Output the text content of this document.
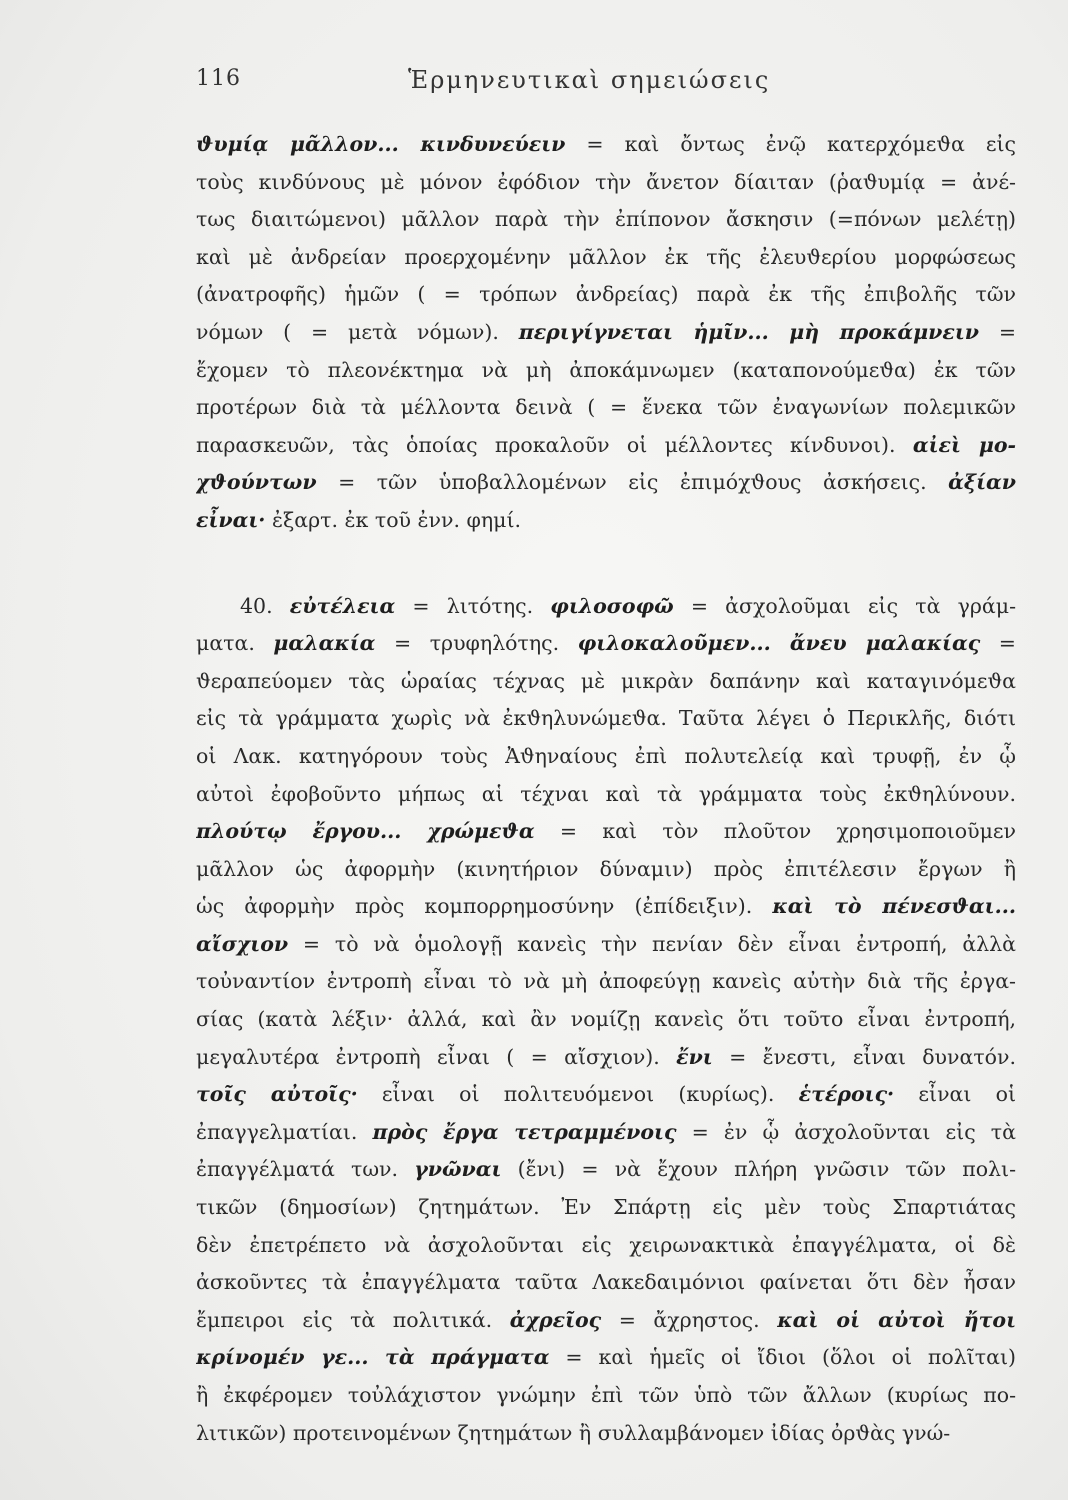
116	Ἑρμηνευτικαὶ σημειώσεις
ϑυμίᾳ μᾶλλον... κινδυνεύειν = καὶ ὄντως ἐνῷ κατερχόμεϑα εἰς
τοὺς κινδύνους μὲ μόνον ἐφόδιον τὴν ἄνετον δίαιταν (ῥαϑυμίᾳ = ἀνέ-
τως διαιτώμενοι) μᾶλλον παρὰ τὴν ἐπίπονον ἄσκησιν (=πόνων μελέτῃ)
καὶ μὲ ἀνδρείαν προερχομένην μᾶλλον ἐκ τῆς ἐλευϑερίου μορφώσεως
(ἀνατροφῆς) ἡμῶν ( = τρόπων ἀνδρείας) παρὰ ἐκ τῆς ἐπιβολῆς τῶν
νόμων ( = μετὰ νόμων). περιγίγνεται ἡμῖν... μὴ προκάμνειν =
ἔχομεν τὸ πλεονέκτημα νὰ μὴ ἀποκάμνωμεν (καταπονούμεϑα) ἐκ τῶν
προτέρων διὰ τὰ μέλλοντα δεινὰ ( = ἕνεκα τῶν ἐναγωνίων πολεμικῶν
παρασκευῶν, τὰς ὁποίας προκαλοῦν οἱ μέλλοντες κίνδυνοι). αἰεὶ μο-
χϑούντων = τῶν ὑποβαλλομένων εἰς ἐπιμόχϑους ἀσκήσεις. ἀξίαν
εἶναι· ἐξαρτ. ἐκ τοῦ ἐνν. φημί.
40. εὐτέλεια = λιτότης. φιλοσοφῶ = ἀσχολοῦμαι εἰς τὰ γράμ-
ματα. μαλακία = τρυφηλότης. φιλοκαλοῦμεν... ἄνευ μαλακίας =
ϑεραπεύομεν τὰς ὡραίας τέχνας μὲ μικρὰν δαπάνην καὶ καταγινόμεϑα
εἰς τὰ γράμματα χωρὶς νὰ ἐκϑηλυνώμεϑα. Ταῦτα λέγει ὁ Περικλῆς, διότι
οἱ Λακ. κατηγόρουν τοὺς Ἀϑηναίους ἐπὶ πολυτελείᾳ καὶ τρυφῇ, ἐν ᾧ
αὐτοὶ ἐφοβοῦντο μήπως αἱ τέχναι καὶ τὰ γράμματα τοὺς ἐκϑηλύνουν.
πλούτῳ ἔργου... χρώμεϑα = καὶ τὸν πλοῦτον χρησιμοποιοῦμεν
μᾶλλον ὡς ἀφορμὴν (κινητήριον δύναμιν) πρὸς ἐπιτέλεσιν ἔργων ἢ
ὡς ἀφορμὴν πρὸς κομπορρημοσύνην (ἐπίδειξιν). καὶ τὸ πένεσϑαι...
αἴσχιον = τὸ νὰ ὁμολογῇ κανεὶς τὴν πενίαν δὲν εἶναι ἐντροπή, ἀλλὰ
τοὐναντίον ἐντροπὴ εἶναι τὸ νὰ μὴ ἀποφεύγῃ κανεὶς αὐτὴν διὰ τῆς ἐργα-
σίας (κατὰ λέξιν· ἀλλά, καὶ ἂν νομίζῃ κανεὶς ὅτι τοῦτο εἶναι ἐντροπή,
μεγαλυτέρα ἐντροπὴ εἶναι ( = αἴσχιον). ἔνι = ἔνεστι, εἶναι δυνατόν.
τοῖς αὐτοῖς· εἶναι οἱ πολιτευόμενοι (κυρίως). ἑτέροις· εἶναι οἱ
ἐπαγγελματίαι. πρὸς ἔργα τετραμμένοις = ἐν ᾧ ἀσχολοῦνται εἰς τὰ
ἐπαγγέλματά των. γνῶναι (ἔνι) = νὰ ἔχουν πλήρη γνῶσιν τῶν πολι-
τικῶν (δημοσίων) ζητημάτων. Ἐν Σπάρτῃ εἰς μὲν τοὺς Σπαρτιάτας
δὲν ἐπετρέπετο νὰ ἀσχολοῦνται εἰς χειρωνακτικὰ ἐπαγγέλματα, οἱ δὲ
ἀσκοῦντες τὰ ἐπαγγέλματα ταῦτα Λακεδαιμόνιοι φαίνεται ὅτι δὲν ἦσαν
ἔμπειροι εἰς τὰ πολιτικά. ἀχρεῖος = ἄχρηστος. καὶ οἱ αὐτοὶ ἤτοι
κρίνομέν γε... τὰ πράγματα = καὶ ἡμεῖς οἱ ἴδιοι (ὅλοι οἱ πολῖται)
ἢ ἐκφέρομεν τοὐλάχιστον γνώμην ἐπὶ τῶν ὑπὸ τῶν ἄλλων (κυρίως πο-
λιτικῶν) προτεινομένων ζητημάτων ἢ συλλαμβάνομεν ἰδίας ὀρϑὰς γνώ-
